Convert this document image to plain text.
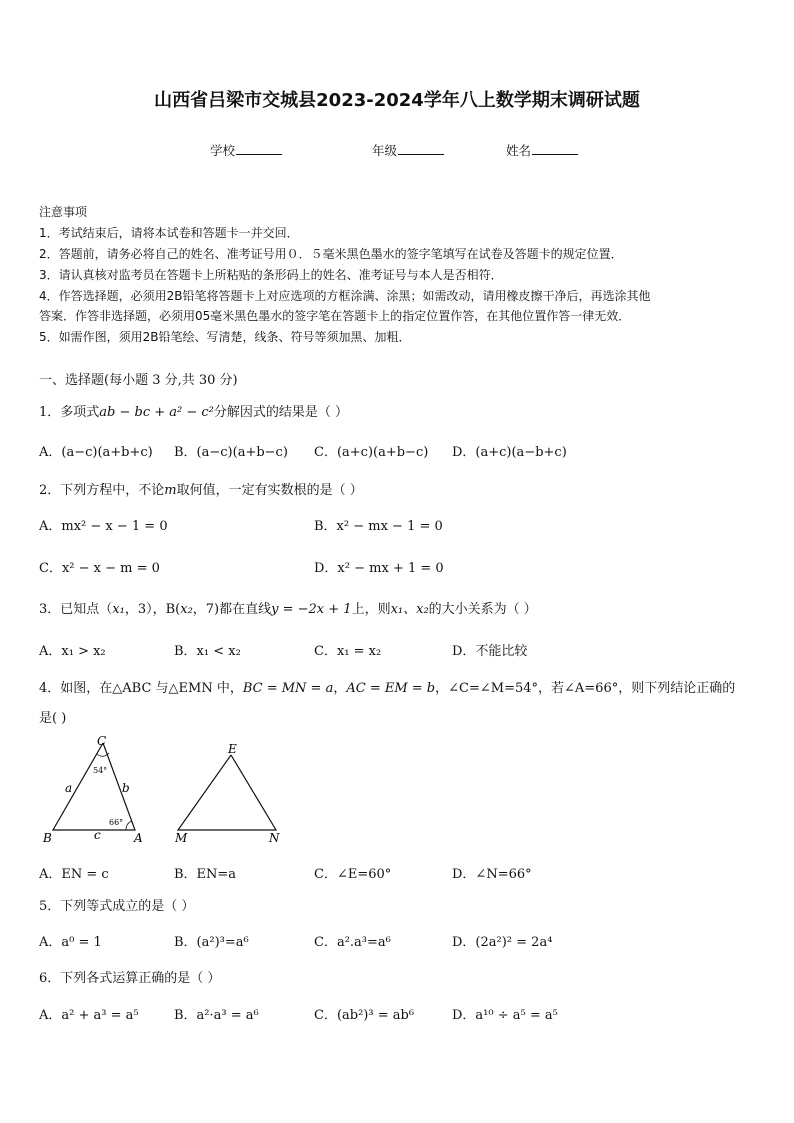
山西省吕梁市交城县2023-2024学年八上数学期末调研试题
学校	年级	姓名
注意事项
1．考试结束后，请将本试卷和答题卡一并交回．
2．答题前，请务必将自己的姓名、准考证号用０．５毫米黑色墨水的签字笔填写在试卷及答题卡的规定位置．
3．请认真核对监考员在答题卡上所粘贴的条形码上的姓名、准考证号与本人是否相符．
4．作答选择题，必须用2B铅笔将答题卡上对应选项的方框涂满、涂黑；如需改动，请用橡皮擦干净后，再选涂其他
答案．作答非选择题，必须用05毫米黑色墨水的签字笔在答题卡上的指定位置作答，在其他位置作答一律无效．
5．如需作图，须用2B铅笔绘、写清楚，线条、符号等须加黑、加粗．
一、选择题(每小题 3 分,共 30 分)
1．多项式ab − bc + a² − c²分解因式的结果是（ ）
A．(a−c)(a+b+c) B．(a−c)(a+b−c) C．(a+c)(a+b−c) D．(a+c)(a−b+c)
2．下列方程中，不论m取何值，一定有实数根的是（ ）
A．mx² − x − 1 = 0	B．x² − mx − 1 = 0
C．x² − x − m = 0	D．x² − mx + 1 = 0
3．已知点（x₁，3），B(x₂，7)都在直线y = −2x + 1上，则x₁、x₂的大小关系为（ ）
A．x₁ > x₂	B．x₁ < x₂	C．x₁ = x₂	D．不能比较
4．如图，在△ABC 与△EMN 中，BC = MN = a，AC = EM = b，∠C=∠M=54°，若∠A=66°，则下列结论正确的
是( )
C
B	A
a	b
c
54°
66°
E
M	N
A．EN = c	B．EN=a	C．∠E=60°	D．∠N=66°
5．下列等式成立的是（ ）
A．a⁰ = 1	B．(a²)³=a⁶	C．a².a³=a⁶	D．(2a²)² = 2a⁴
6．下列各式运算正确的是（ ）
A．a² + a³ = a⁵	B．a²·a³ = a⁶	C．(ab²)³ = ab⁶	D．a¹⁰ ÷ a⁵ = a⁵
